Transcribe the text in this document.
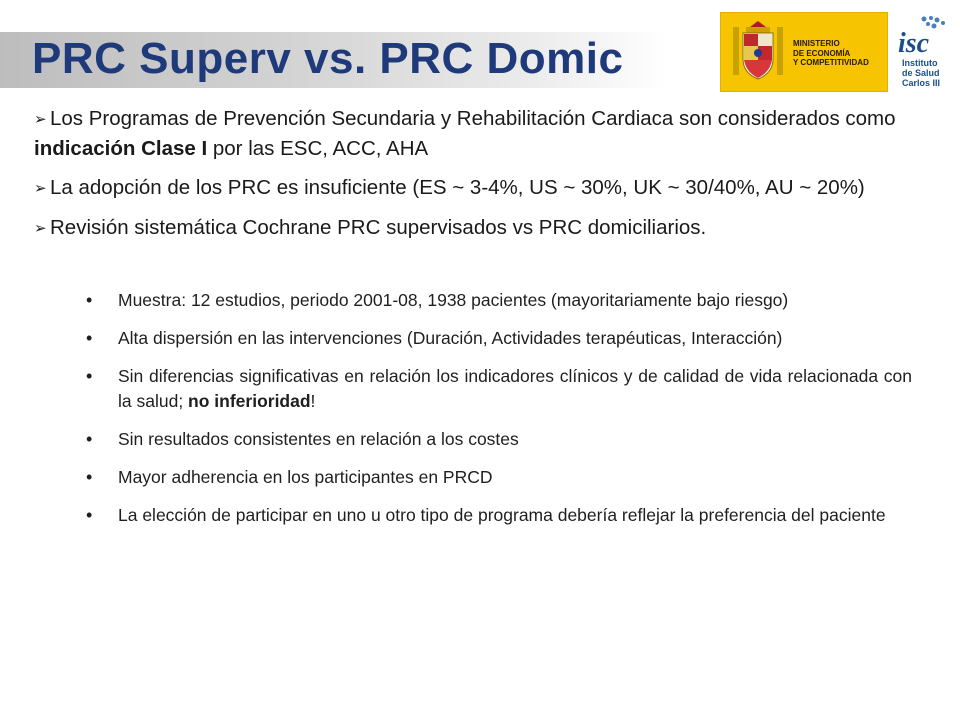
PRC Superv vs. PRC Domic	MINISTERIO
DE ECONOMÍA
Y COMPETITIVIDAD
isc
Instituto
de Salud
Carlos III
➢ Los Programas de Prevención Secundaria y Rehabilitación Cardiaca son considerados como indicación Clase I por las ESC, ACC, AHA
➢ La adopción de los PRC es insuficiente (ES ~ 3-4%, US ~ 30%, UK ~ 30/40%, AU ~ 20%)
➢ Revisión sistemática Cochrane PRC supervisados vs PRC domiciliarios.
• Muestra: 12 estudios, periodo 2001-08, 1938 pacientes (mayoritariamente bajo riesgo)
• Alta dispersión en las intervenciones (Duración, Actividades terapéuticas, Interacción)
• Sin diferencias significativas en relación los indicadores clínicos y de calidad de vida relacionada con la salud; no inferioridad!
• Sin resultados consistentes en relación a los costes
• Mayor adherencia en los participantes en PRCD
• La elección de participar en uno u otro tipo de programa debería reflejar la preferencia del paciente
